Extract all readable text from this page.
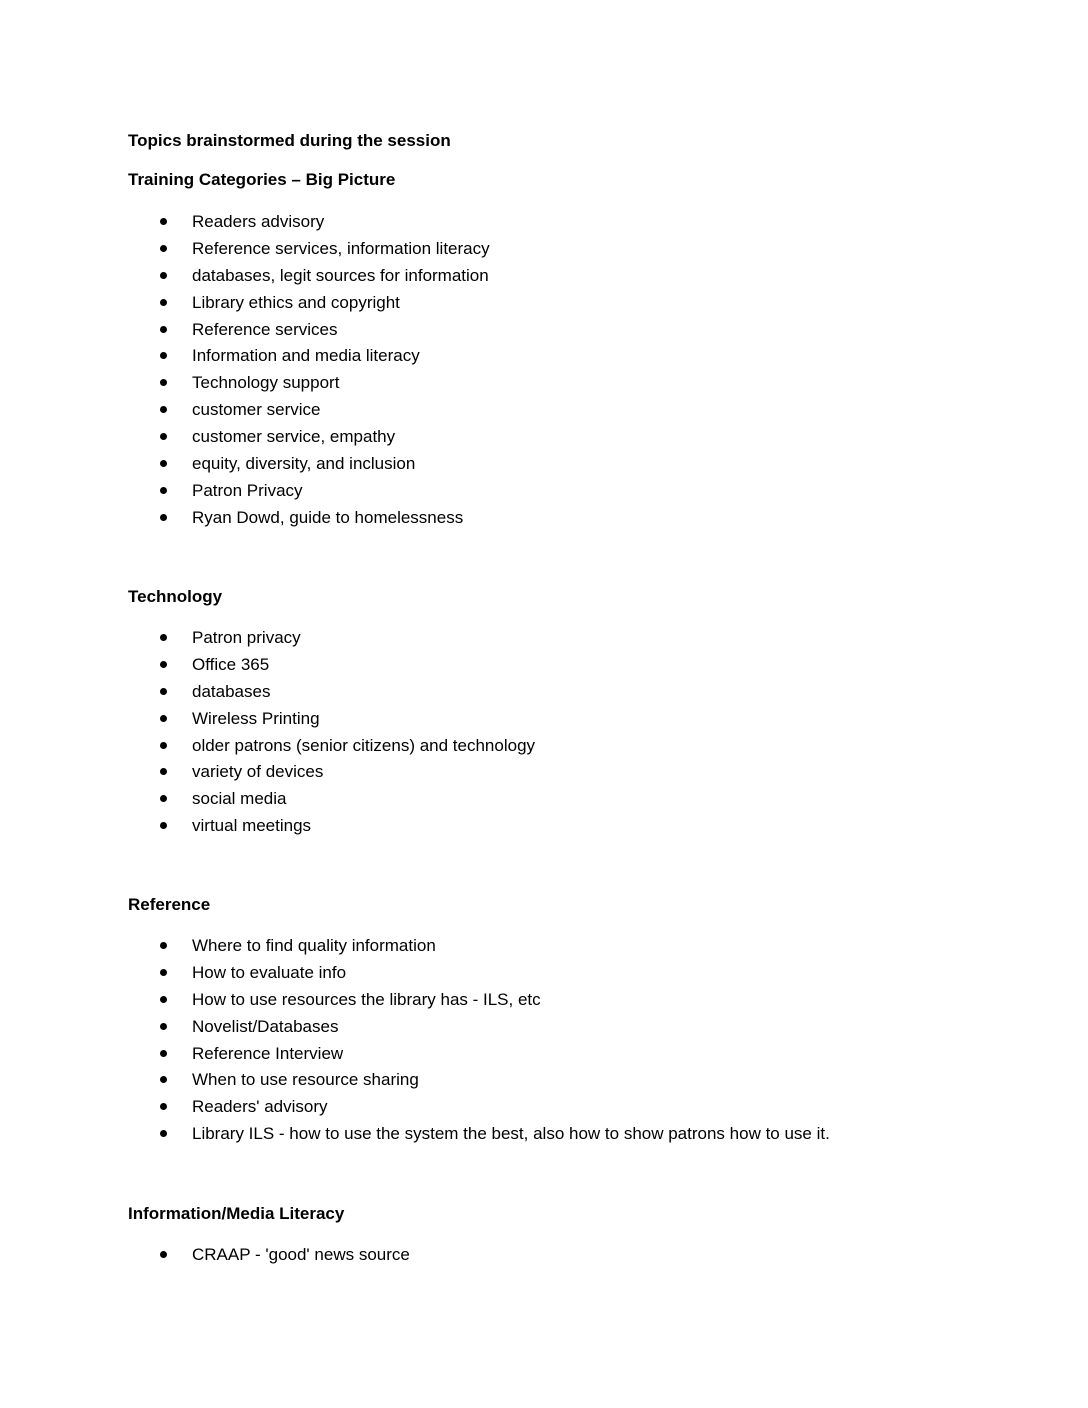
Topics brainstormed during the session
Training Categories – Big Picture
Readers advisory
Reference services, information literacy
databases, legit sources for information
Library ethics and copyright
Reference services
Information and media literacy
Technology support
customer service
customer service, empathy
equity, diversity, and inclusion
Patron Privacy
Ryan Dowd, guide to homelessness
Technology
Patron privacy
Office 365
databases
Wireless Printing
older patrons (senior citizens) and technology
variety of devices
social media
virtual meetings
Reference
Where to find quality information
How to evaluate info
How to use resources the library has - ILS, etc
Novelist/Databases
Reference Interview
When to use resource sharing
Readers' advisory
Library ILS - how to use the system the best, also how to show patrons how to use it.
Information/Media Literacy
CRAAP - 'good' news source
